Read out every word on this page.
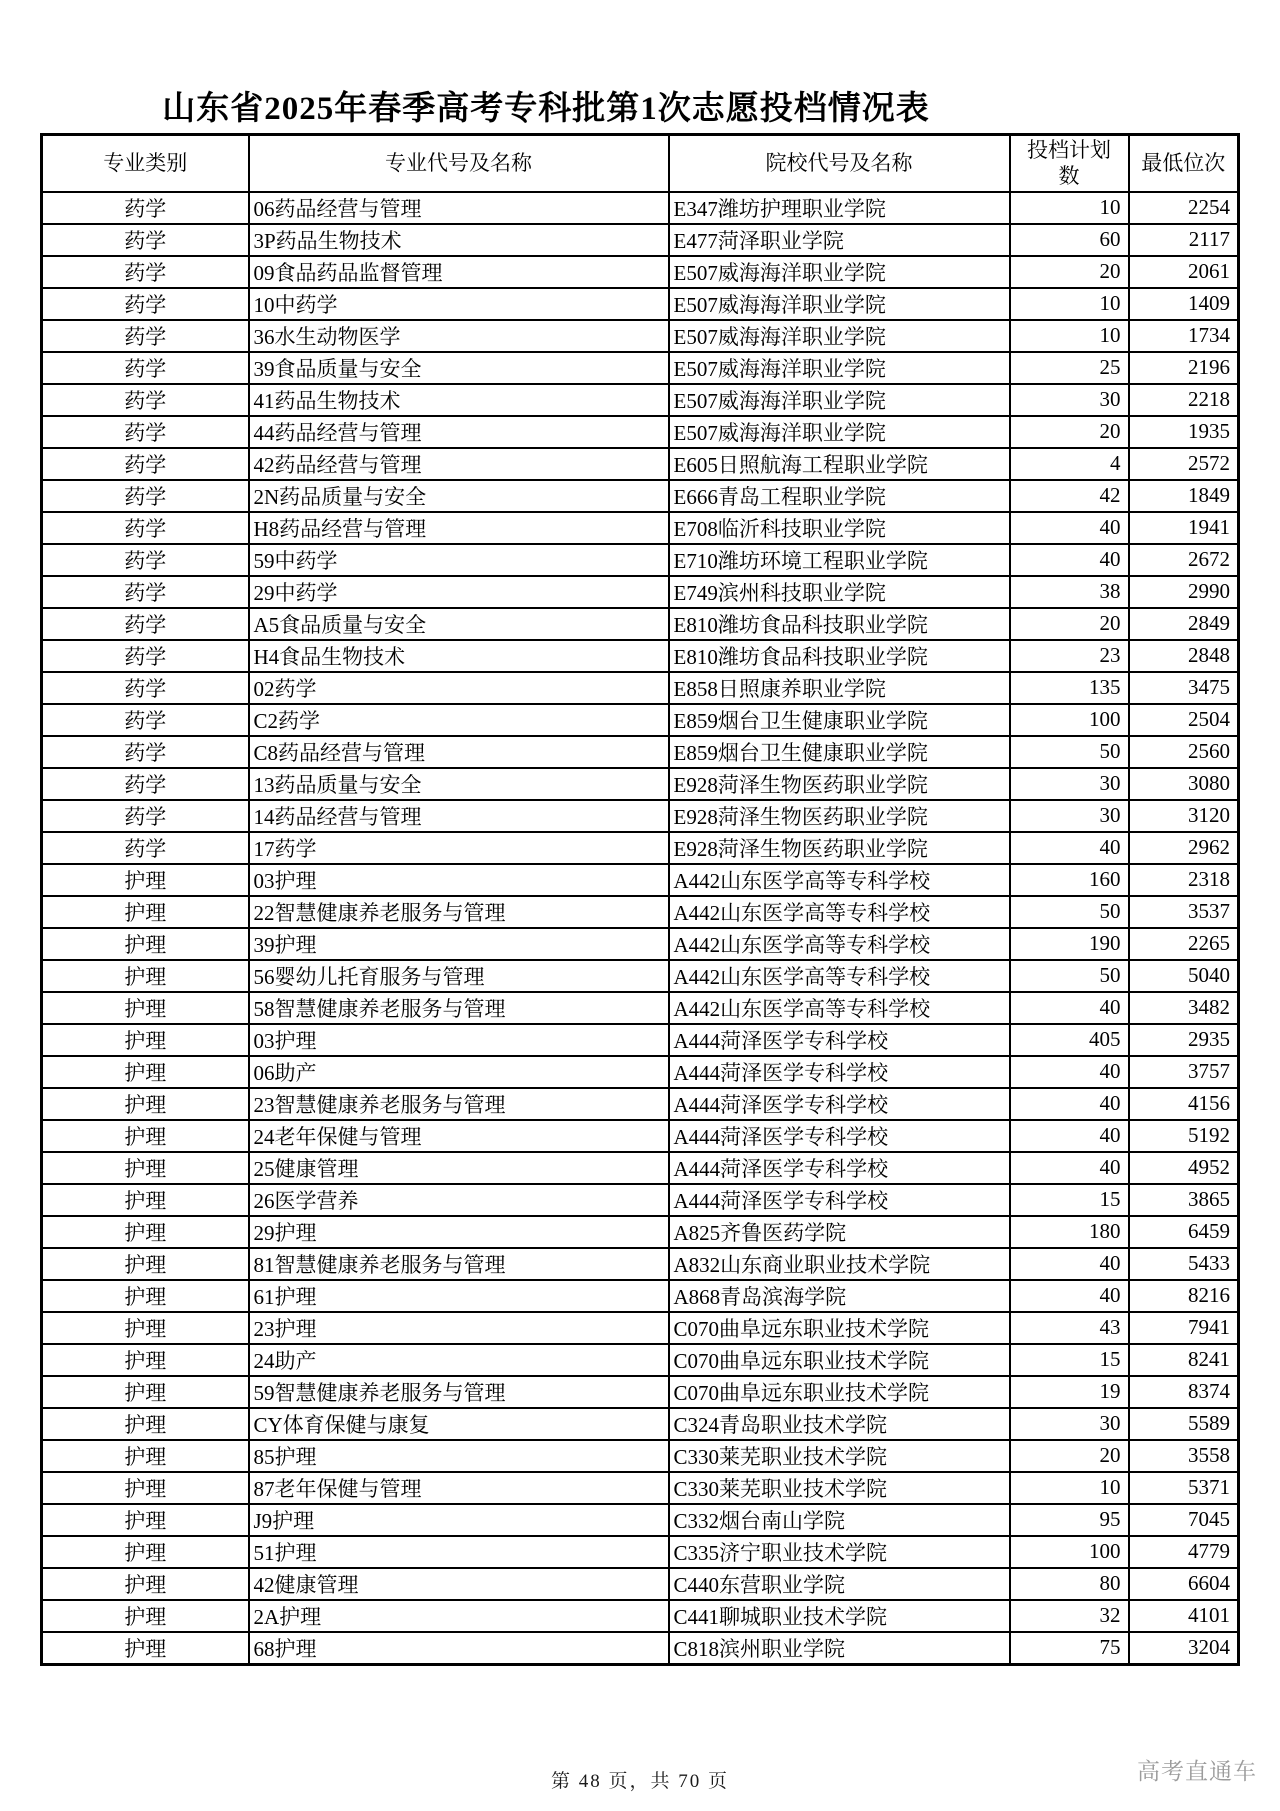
山东省2025年春季高考专科批第1次志愿投档情况表
专业类别	专业代号及名称	院校代号及名称	投档计划数	最低位次
药学	06药品经营与管理	E347潍坊护理职业学院	10	2254
药学	3P药品生物技术	E477菏泽职业学院	60	2117
药学	09食品药品监督管理	E507威海海洋职业学院	20	2061
药学	10中药学	E507威海海洋职业学院	10	1409
药学	36水生动物医学	E507威海海洋职业学院	10	1734
药学	39食品质量与安全	E507威海海洋职业学院	25	2196
药学	41药品生物技术	E507威海海洋职业学院	30	2218
药学	44药品经营与管理	E507威海海洋职业学院	20	1935
药学	42药品经营与管理	E605日照航海工程职业学院	4	2572
药学	2N药品质量与安全	E666青岛工程职业学院	42	1849
药学	H8药品经营与管理	E708临沂科技职业学院	40	1941
药学	59中药学	E710潍坊环境工程职业学院	40	2672
药学	29中药学	E749滨州科技职业学院	38	2990
药学	A5食品质量与安全	E810潍坊食品科技职业学院	20	2849
药学	H4食品生物技术	E810潍坊食品科技职业学院	23	2848
药学	02药学	E858日照康养职业学院	135	3475
药学	C2药学	E859烟台卫生健康职业学院	100	2504
药学	C8药品经营与管理	E859烟台卫生健康职业学院	50	2560
药学	13药品质量与安全	E928菏泽生物医药职业学院	30	3080
药学	14药品经营与管理	E928菏泽生物医药职业学院	30	3120
药学	17药学	E928菏泽生物医药职业学院	40	2962
护理	03护理	A442山东医学高等专科学校	160	2318
护理	22智慧健康养老服务与管理	A442山东医学高等专科学校	50	3537
护理	39护理	A442山东医学高等专科学校	190	2265
护理	56婴幼儿托育服务与管理	A442山东医学高等专科学校	50	5040
护理	58智慧健康养老服务与管理	A442山东医学高等专科学校	40	3482
护理	03护理	A444菏泽医学专科学校	405	2935
护理	06助产	A444菏泽医学专科学校	40	3757
护理	23智慧健康养老服务与管理	A444菏泽医学专科学校	40	4156
护理	24老年保健与管理	A444菏泽医学专科学校	40	5192
护理	25健康管理	A444菏泽医学专科学校	40	4952
护理	26医学营养	A444菏泽医学专科学校	15	3865
护理	29护理	A825齐鲁医药学院	180	6459
护理	81智慧健康养老服务与管理	A832山东商业职业技术学院	40	5433
护理	61护理	A868青岛滨海学院	40	8216
护理	23护理	C070曲阜远东职业技术学院	43	7941
护理	24助产	C070曲阜远东职业技术学院	15	8241
护理	59智慧健康养老服务与管理	C070曲阜远东职业技术学院	19	8374
护理	CY体育保健与康复	C324青岛职业技术学院	30	5589
护理	85护理	C330莱芜职业技术学院	20	3558
护理	87老年保健与管理	C330莱芜职业技术学院	10	5371
护理	J9护理	C332烟台南山学院	95	7045
护理	51护理	C335济宁职业技术学院	100	4779
护理	42健康管理	C440东营职业学院	80	6604
护理	2A护理	C441聊城职业技术学院	32	4101
护理	68护理	C818滨州职业学院	75	3204
第 48 页，共 70 页	高考直通车
